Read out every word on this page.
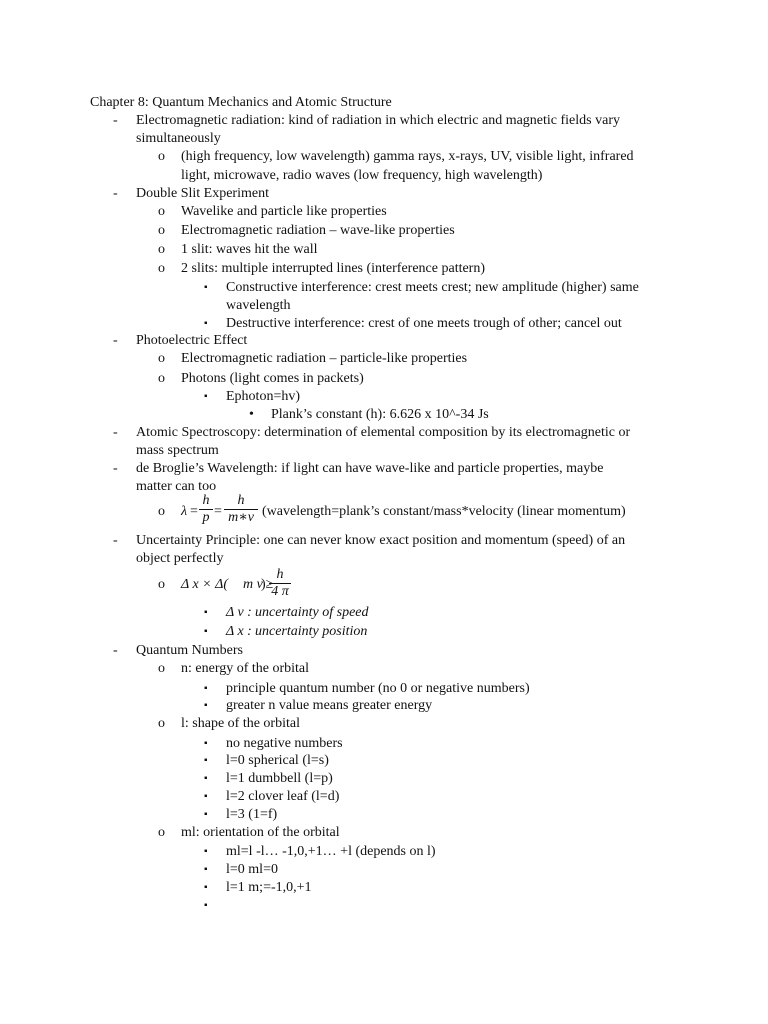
Chapter 8: Quantum Mechanics and Atomic Structure
- Electromagnetic radiation: kind of radiation in which electric and magnetic fields vary
simultaneously
o (high frequency, low wavelength) gamma rays, x-rays, UV, visible light, infrared
light, microwave, radio waves (low frequency, high wavelength)
- Double Slit Experiment
o Wavelike and particle like properties
o Electromagnetic radiation – wave-like properties
o 1 slit: waves hit the wall
o 2 slits: multiple interrupted lines (interference pattern)
▪ Constructive interference: crest meets crest; new amplitude (higher) same
wavelength
▪ Destructive interference: crest of one meets trough of other; cancel out
- Photoelectric Effect
o Electromagnetic radiation – particle-like properties
o Photons (light comes in packets)
▪ Ephoton=hv)
• Plank’s constant (h): 6.626 x 10^-34 Js
- Atomic Spectroscopy: determination of elemental composition by its electromagnetic or
mass spectrum
- de Broglie’s Wavelength: if light can have wave-like and particle properties, maybe
matter can too
o λ =
h
p =
h
m∗v (wavelength=plank’s constant/mass*velocity (linear momentum)
- Uncertainty Principle: one can never know exact position and momentum (speed) of an
object perfectly
o Δ x × Δ( m v
)≥
h
4 π
▪ Δ v : uncertainty of speed
▪ Δ x : uncertainty position
- Quantum Numbers
o n: energy of the orbital
▪ principle quantum number (no 0 or negative numbers)
▪ greater n value means greater energy
o l: shape of the orbital
▪ no negative numbers
▪ l=0 spherical (l=s)
▪ l=1 dumbbell (l=p)
▪ l=2 clover leaf (l=d)
▪ l=3 (1=f)
o ml: orientation of the orbital
▪ ml=l -l… -1,0,+1… +l (depends on l)
▪ l=0 ml=0
▪ l=1 m;=-1,0,+1
▪
